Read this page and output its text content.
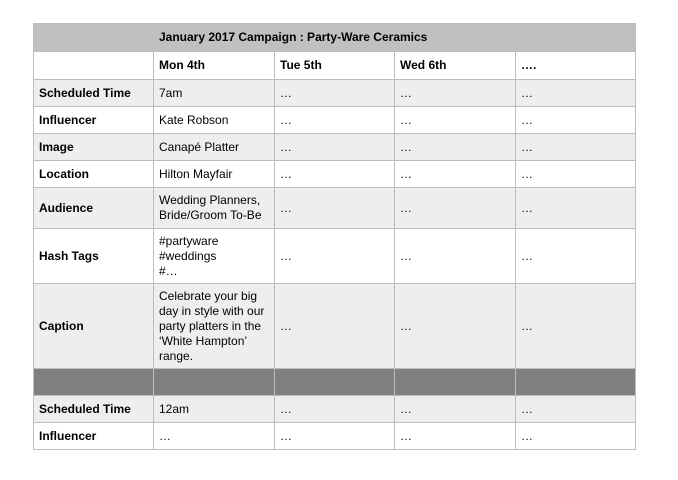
	January 2017 Campaign : Party-Ware Ceramics			
	Mon 4th	Tue 5th	Wed 6th	….
Scheduled Time	7am	…	…	…

Influencer	Kate Robson	…	…	…

Image	Canapé Platter	…	…	…

Location	Hilton Mayfair	…	…	…

Audience	Wedding Planners,
Bride/Groom To-Be	…	…	…

Hash Tags	#partyware
#weddings
#…	…	…	…

Caption	Celebrate your big
day in style with our
party platters in the
‘White Hampton’
range.	…	…	…

Scheduled Time	12am	…	…	…

Influencer	…	…	…	…
